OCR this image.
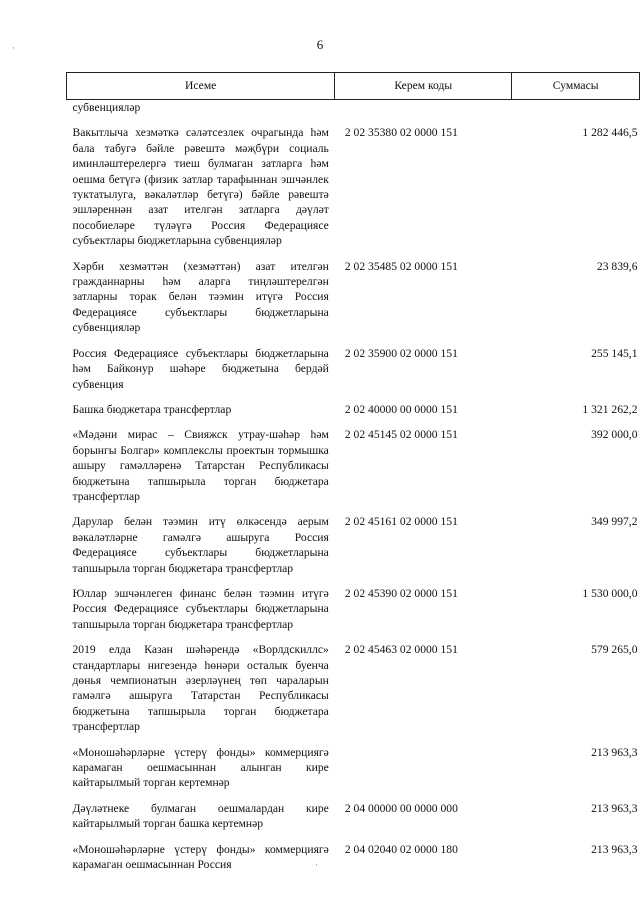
6
Исеме	Керем коды	Суммасы
субвенцияләр		
Вакытлыча хезмәткә сәләтсезлек очрагында һәм бала табугә бәйле рәвештә мәҗбүри социаль иминләштерелергә тиеш булмаган затларга һәм оешма бетүгә (физик затлар тарафыннан эшчәнлек туктатылуга, вәкаләтләр бетүгә) бәйле рәвештә эшләреннән азат ителгән затларга дәүләт пособиеләре түләүгә Россия Федерациясе субъектлары бюджетларына субвенцияләр	2 02 35380 02 0000 151	1 282 446,5
Хәрби хезмәттән (хезмәттән) азат ителгән гражданнарны һәм аларга тиңләштерелгән затларны торак белән тәэмин итүгә Россия Федерациясе субъектлары бюджетларына субвенцияләр	2 02 35485 02 0000 151	23 839,6
Россия Федерациясе субъектлары бюджетларына һәм Байконур шәһәре бюджетына бердәй субвенция	2 02 35900 02 0000 151	255 145,1
Башка бюджетара трансфертлар	2 02 40000 00 0000 151	1 321 262,2
«Мәдәни мирас – Свияжск утрау-шәһәр һәм борынгы Болгар» комплекслы проектын тормышка ашыру гамәлләренә Татарстан Республикасы бюджетына тапшырыла торган бюджетара трансфертлар	2 02 45145 02 0000 151	392 000,0
Дарулар белән тәэмин итү өлкәсендә аерым вәкаләтләрне гамәлгә ашыруга Россия Федерациясе субъектлары бюджетларына тапшырыла торган бюджетара трансфертлар	2 02 45161 02 0000 151	349 997,2
Юллар эшчәнлеген финанс белән тәэмин итүгә Россия Федерациясе субъектлары бюджетларына тапшырыла торган бюджетара трансфертлар	2 02 45390 02 0000 151	1 530 000,0
2019 елда Казан шәһәрендә «Ворлдскиллс» стандартлары нигезендә һөнәри осталык буенча дөнья чемпионатын әзерләүнең төп чараларын гамәлгә ашыруга Татарстан Республикасы бюджетына тапшырыла торган бюджетара трансфертлар	2 02 45463 02 0000 151	579 265,0
«Моношәһәрләрне үстерү фонды» коммерциягә карамаган оешмасыннан алынган кире кайтарылмый торган кертемнәр		213 963,3
Дәүләтнеке булмаган оешмалардан кире кайтарылмый торган башка кертемнәр	2 04 00000 00 0000 000	213 963,3
«Моношәһәрләрне үстерү фонды» коммерциягә карамаган оешмасыннан Россия	2 04 02040 02 0000 180	213 963,3
·
·
